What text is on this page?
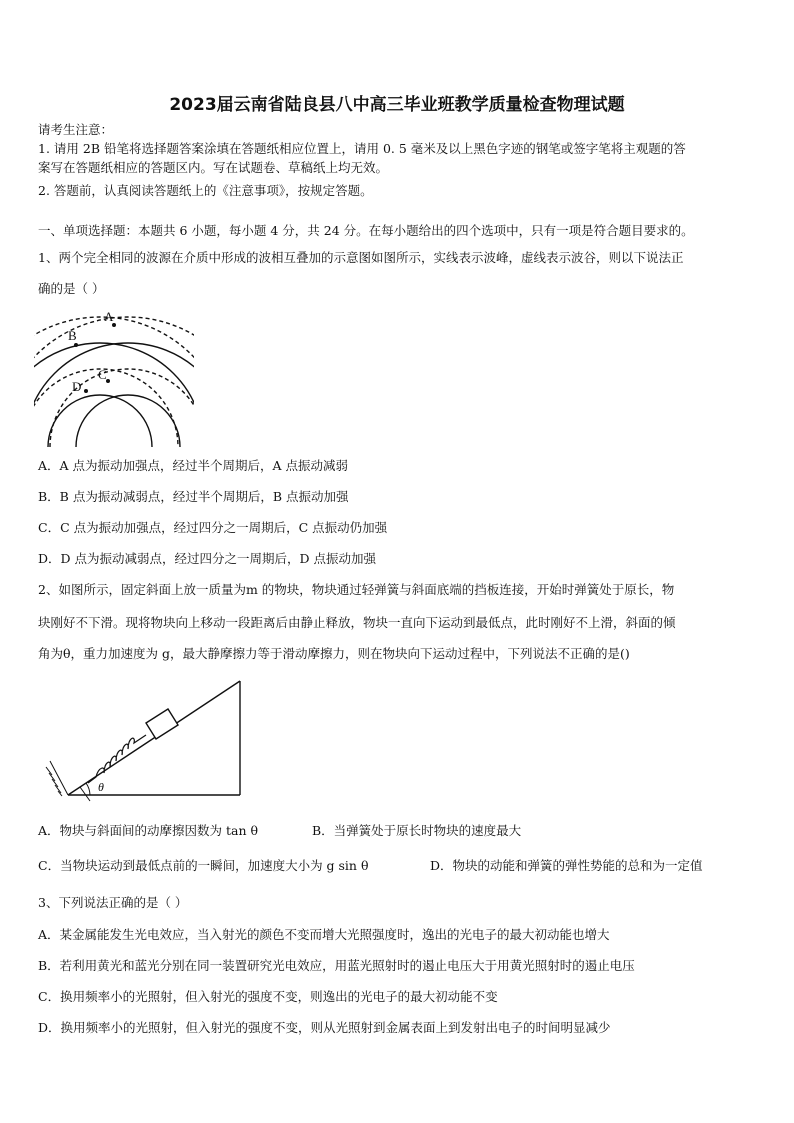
2023届云南省陆良县八中高三毕业班教学质量检查物理试题
请考生注意：
1. 请用 2B 铅笔将选择题答案涂填在答题纸相应位置上，请用 0. 5 毫米及以上黑色字迹的钢笔或签字笔将主观题的答
案写在答题纸相应的答题区内。写在试题卷、草稿纸上均无效。
2. 答题前，认真阅读答题纸上的《注意事项》，按规定答题。
一、单项选择题：本题共 6 小题，每小题 4 分，共 24 分。在每小题给出的四个选项中，只有一项是符合题目要求的。
1、两个完全相同的波源在介质中形成的波相互叠加的示意图如图所示，实线表示波峰，虚线表示波谷，则以下说法正
确的是（ ）
A
B
C
D
A．A 点为振动加强点，经过半个周期后，A 点振动减弱
B．B 点为振动减弱点，经过半个周期后，B 点振动加强
C．C 点为振动加强点，经过四分之一周期后，C 点振动仍加强
D．D 点为振动减弱点，经过四分之一周期后，D 点振动加强
2、如图所示，固定斜面上放一质量为m 的物块，物块通过轻弹簧与斜面底端的挡板连接，开始时弹簧处于原长，物
块刚好不下滑。现将物块向上移动一段距离后由静止释放，物块一直向下运动到最低点，此时刚好不上滑，斜面的倾
角为θ，重力加速度为 g，最大静摩擦力等于滑动摩擦力，则在物块向下运动过程中，下列说法不正确的是()
θ
A．物块与斜面间的动摩擦因数为 tan θ	B．当弹簧处于原长时物块的速度最大
C．当物块运动到最低点前的一瞬间，加速度大小为 g sin θ	D．物块的动能和弹簧的弹性势能的总和为一定值
3、下列说法正确的是（ ）
A．某金属能发生光电效应，当入射光的颜色不变而增大光照强度时，逸出的光电子的最大初动能也增大
B．若利用黄光和蓝光分别在同一装置研究光电效应，用蓝光照射时的遏止电压大于用黄光照射时的遏止电压
C．换用频率小的光照射，但入射光的强度不变，则逸出的光电子的最大初动能不变
D．换用频率小的光照射，但入射光的强度不变，则从光照射到金属表面上到发射出电子的时间明显减少
